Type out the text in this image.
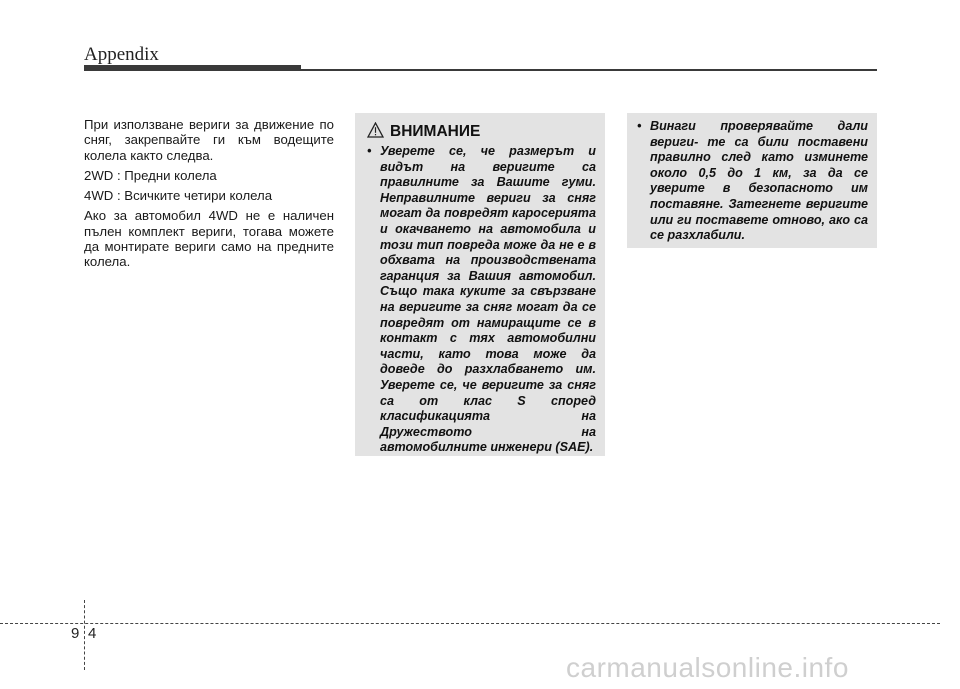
Appendix

При използване вериги за движение по сняг, закрепвайте ги към водещите колела както следва.

2WD : Предни колела

4WD : Всичките четири колела

Ако за автомобил 4WD не е наличен пълен комплект вериги, тогава можете да монтирате вериги само на предните колела.

ВНИМАНИЕ
• Уверете се, че размерът и видът на веригите са правилните за Вашите гуми. Неправилните вериги за сняг могат да повредят каросерията и окачването на автомобила и този тип повреда може да не е в обхвата на производствената гаранция за Вашия автомобил. Също така куките за свързване на веригите за сняг могат да се повредят от намиращите се в контакт с тях автомобилни части, като това може да доведе до разхлабването им. Уверете се, че веригите за сняг са от клас S според класификацията на Дружеството на автомобилните инженери (SAE).
• Винаги проверявайте дали вериги- те са били поставени правилно след като изминете около 0,5 до 1 км, за да се уверите в безопасното им поставяне. Затегнете веригите или ги поставете отново, ако са се разхлабили.
9 4
carmanualsonline.info
